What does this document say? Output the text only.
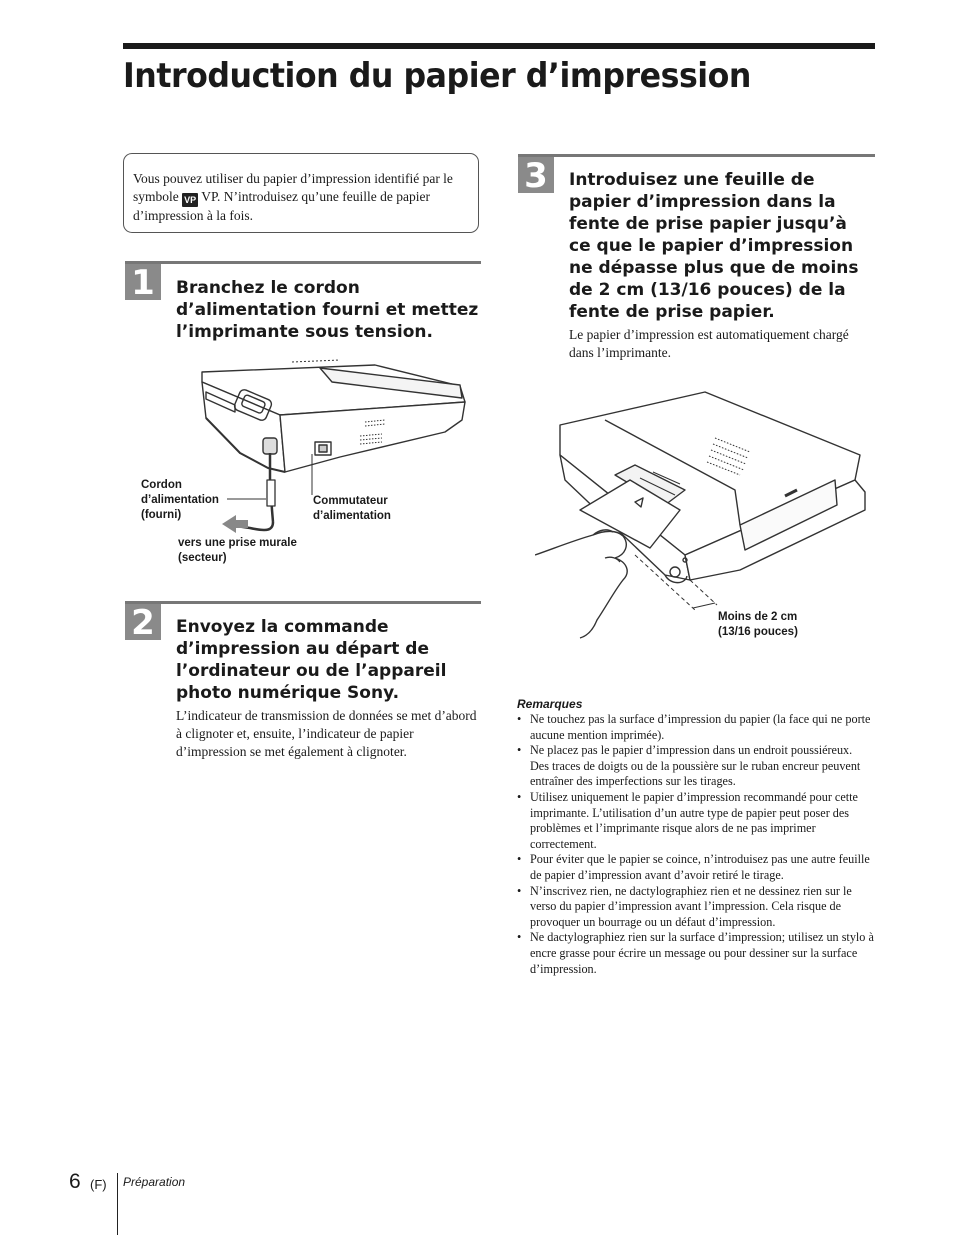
Introduction du papier d’impression
Vous pouvez utiliser du papier d’impression identifié par le symbole VP VP. N’introduisez qu’une feuille de papier d’impression à la fois.
1	Branchez le cordon d’alimentation fourni et mettez l’imprimante sous tension.
Cordon
d’alimentation
(fourni)
Commutateur
d’alimentation
vers une prise murale
(secteur)
2	Envoyez la commande d’impression au départ de l’ordinateur ou de l’appareil photo numérique Sony.
L’indicateur de transmission de données se met d’abord à clignoter et, ensuite, l’indicateur de papier d’impression se met également à clignoter.
3	Introduisez une feuille de papier d’impression dans la fente de prise papier jusqu’à ce que le papier d’impression ne dépasse plus que de moins de 2 cm (13/16 pouces) de la fente de prise papier.
Le papier d’impression est automatiquement chargé dans l’imprimante.
Moins de 2 cm
(13/16 pouces)
Remarques
• Ne touchez pas la surface d’impression du papier (la face qui ne porte aucune mention imprimée).
• Ne placez pas le papier d’impression dans un endroit poussiéreux. Des traces de doigts ou de la poussière sur le ruban encreur peuvent entraîner des imperfections sur les tirages.
• Utilisez uniquement le papier d’impression recommandé pour cette imprimante. L’utilisation d’un autre type de papier peut poser des problèmes et l’imprimante risque alors de ne pas imprimer correctement.
• Pour éviter que le papier se coince, n’introduisez pas une autre feuille de papier d’impression avant d’avoir retiré le tirage.
• N’inscrivez rien, ne dactylographiez rien et ne dessinez rien sur le verso du papier d’impression avant l’impression. Cela risque de provoquer un bourrage ou un défaut d’impression.
• Ne dactylographiez rien sur la surface d’impression; utilisez un stylo à encre grasse pour écrire un message ou pour dessiner sur la surface d’impression.
6 (F) Préparation
